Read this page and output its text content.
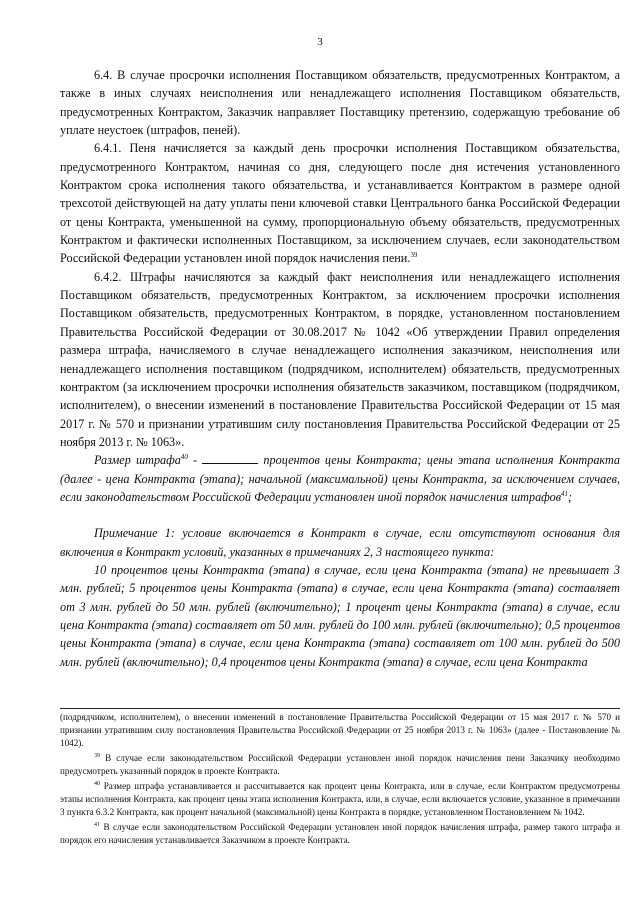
3

6.4. В случае просрочки исполнения Поставщиком обязательств, предусмотренных Контрактом, а также в иных случаях неисполнения или ненадлежащего исполнения Поставщиком обязательств, предусмотренных Контрактом, Заказчик направляет Поставщику претензию, содержащую требование об уплате неустоек (штрафов, пеней).

6.4.1. Пеня начисляется за каждый день просрочки исполнения Поставщиком обязательства, предусмотренного Контрактом, начиная со дня, следующего после дня истечения установленного Контрактом срока исполнения такого обязательства, и устанавливается Контрактом в размере одной трехсотой действующей на дату уплаты пени ключевой ставки Центрального банка Российской Федерации от цены Контракта, уменьшенной на сумму, пропорциональную объему обязательств, предусмотренных Контрактом и фактически исполненных Поставщиком, за исключением случаев, если законодательством Российской Федерации установлен иной порядок начисления пени.$^{39}$

6.4.2. Штрафы начисляются за каждый факт неисполнения или ненадлежащего исполнения Поставщиком обязательств, предусмотренных Контрактом, за исключением просрочки исполнения Поставщиком обязательств, предусмотренных Контрактом, в порядке, установленном постановлением Правительства Российской Федерации от 30.08.2017 № 1042 «Об утверждении Правил определения размера штрафа, начисляемого в случае ненадлежащего исполнения заказчиком, неисполнения или ненадлежащего исполнения поставщиком (подрядчиком, исполнителем) обязательств, предусмотренных контрактом (за исключением просрочки исполнения обязательств заказчиком, поставщиком (подрядчиком, исполнителем), о внесении изменений в постановление Правительства Российской Федерации от 15 мая 2017 г. № 570 и признании утратившим силу постановления Правительства Российской Федерации от 25 ноября 2013 г. № 1063».

Размер штрафа$^{40}$ -	процентов цены Контракта; цены этапа исполнения Контракта (далее - цена Контракта (этапа); начальной (максимальной) цены Контракта, за исключением случаев, если законодательством Российской Федерации установлен иной порядок начисления штрафов$^{41}$;

Примечание 1: условие включается в Контракт в случае, если отсутствуют основания для включения в Контракт условий, указанных в примечаниях 2, 3 настоящего пункта:

10 процентов цены Контракта (этапа) в случае, если цена Контракта (этапа) не превышает 3 млн. рублей; 5 процентов цены Контракта (этапа) в случае, если цена Контракта (этапа) составляет от 3 млн. рублей до 50 млн. рублей (включительно); 1 процент цены Контракта (этапа) в случае, если цена Контракта (этапа) составляет от 50 млн. рублей до 100 млн. рублей (включительно); 0,5 процентов цены Контракта (этапа) в случае, если цена Контракта (этапа) составляет от 100 млн. рублей до 500 млн. рублей (включительно); 0,4 процентов цены Контракта (этапа) в случае, если цена Контракта

(подрядчиком, исполнителем), о внесении изменений в постановление Правительства Российской Федерации от 15 мая 2017 г. № 570 и признании утратившим силу постановления Правительства Российской Федерации от 25 ноября 2013 г. № 1063» (далее - Постановление № 1042).

$^{39}$ В случае если законодательством Российской Федерации установлен иной порядок начисления пени Заказчику необходимо предусмотреть указанный порядок в проекте Контракта.

$^{40}$ Размер штрафа устанавливается и рассчитывается как процент цены Контракта, или в случае, если Контрактом предусмотрены этапы исполнения Контракта, как процент цены этапа исполнения Контракта, или, в случае, если включается условие, указанное в примечании 3 пункта 6.3.2 Контракта, как процент начальной (максимальной) цены Контракта в порядке, установленном Постановлением № 1042.

$^{41}$ В случае если законодательством Российской Федерации установлен иной порядок начисления штрафа, размер такого штрафа и порядок его начисления устанавливается Заказчиком в проекте Контракта.
